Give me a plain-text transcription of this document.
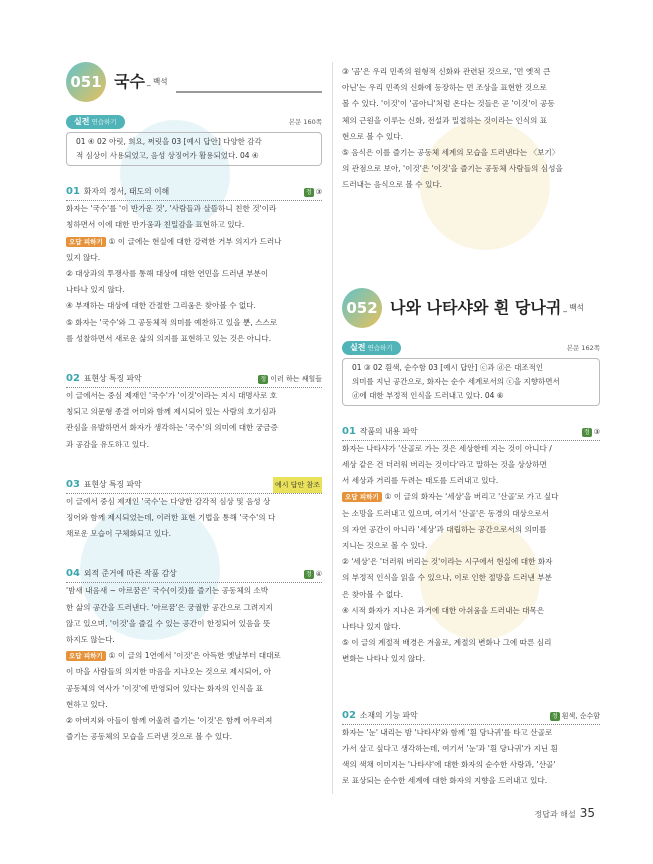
051 국수 _ 백석
실전 연습하기	본문 160쪽
01 ④ 02 아릿, 희요, 쩌릿을 03 [예시 답안] 다양한 감각
적 심상이 사용되었고, 음성 상징어가 활용되었다. 04 ④
01 화자의 정서, 태도의 이해	정 ③

화자는 '국수'를 '이 반가운 것', '사람들과 살뜰하니 친한 것'이라

칭하면서 이에 대한 반가움과 친밀감을 표현하고 있다.

오답 피하기 ① 이 글에는 현실에 대한 강력한 거부 의지가 드러나

있지 않다.

② 대상과의 투쟁사를 통해 대상에 대한 연민을 드러낸 부분이

나타나 있지 않다.

④ 부재하는 대상에 대한 간절한 그리움은 찾아볼 수 없다.

⑤ 화자는 '국수'와 그 공동체적 의미를 예찬하고 있을 뿐, 스스로

를 성찰하면서 새로운 삶의 의지를 표현하고 있는 것은 아니다.

02 표현상 특징 파악	정 이러 하는 쌔힐들

이 글에서는 중심 제재인 '국수'가 '이것'이라는 지시 대명사로 호

칭되고 의문형 종결 어미와 함께 제시되어 있는 사람의 호기심과

관심을 유발하면서 화자가 생각하는 '국수'의 의미에 대한 궁금증

과 공감을 유도하고 있다.

03 표현상 특징 파악	예시 답안 참조

이 글에서 중심 제재인 '국수'는 다양한 감각적 심상 및 음성 상

징어와 함께 제시되었는데, 이러한 표현 기법을 통해 '국수'의 다

채로운 모습이 구체화되고 있다.

04 외적 준거에 따른 작품 감상	정 ④

'밤새 내음새 ~ 아르꿈은' 국수(이것)를 즐기는 공동체의 소박

한 삶의 공간을 드러낸다. '아르꿈'은 궁궐한 공간으로 그려지지

않고 있으며, '이것'을 즐길 수 있는 공간이 한정되어 있음을 뜻

하지도 않는다.

오답 피하기 ① 이 글의 1연에서 '이것'은 아득한 옛날부터 대대로

이 마을 사람들의 의지한 마음을 지나오는 것으로 제시되어, 아

공동체의 역사가 '이것'에 반영되어 있다는 화자의 인식을 표

현하고 있다.

② 아버지와 아들이 함께 어울려 즐기는 '이것'은 함께 어우러져

즐기는 공동체의 모습을 드러낸 것으로 볼 수 있다.

③ '곰'은 우리 민족의 원형적 신화와 관련된 것으로, '먼 옛적 큰

아닌'는 우리 민족의 신화에 등장하는 먼 조상을 표현한 것으로

볼 수 있다. '이것'이 '곰아니'처럼 온다는 것들은 곧 '이것'이 공동

체의 근원을 이루는 신화, 전설과 밀접하는 것이라는 인식의 표

현으로 볼 수 있다.

⑤ 음식은 이를 즐기는 공동체 세계의 모습을 드러낸다는 〈보기〉

의 관점으로 보아, '이것'은 '이것'을 즐기는 공동체 사람들의 심성을

드러내는 음식으로 볼 수 있다.

052 나와 나타샤와 흰 당나귀 _ 백석
실전 연습하기	본문 162쪽
01 ③ 02 흰색, 순수함 03 [예시 답안] ⓒ과 ⓓ은 대조적인
의미를 지닌 공간으로, 화자는 순수 세계로서의 ⓒ을 지향하면서
ⓓ에 대한 부정적 인식을 드러내고 있다. 04 ⑥
01 작품의 내용 파악	정 ③

화자는 나타샤가 '산골로 가는 것은 세상한테 지는 것이 아니다 /

세상 같은 건 더러워 버리는 것이다'라고 말하는 것을 상상하면

서 세상과 거리를 두려는 태도를 드러내고 있다.

오답 피하기 ① 이 글의 화자는 '세상'을 버리고 '산골'로 가고 싶다

는 소망을 드러내고 있으며, 여기서 '산골'은 동경의 대상으로서

의 자연 공간이 아니라 '세상'과 대립하는 공간으로서의 의미를

지니는 것으로 볼 수 있다.

② '세상'은 '더러워 버리는 것'이라는 시구에서 현실에 대한 화자

의 부정적 인식을 읽을 수 있으나, 이로 인한 절망을 드러낸 부분

은 찾아볼 수 없다.

④ 시적 화자가 지나온 과거에 대한 아쉬움을 드러내는 대목은

나타나 있지 않다.

⑤ 이 글의 계절적 배경은 겨울로, 계절의 변화나 그에 따른 심리

변화는 나타나 있지 않다.

02 소재의 기능 파악	정 흰색, 순수함

화자는 '눈' 내리는 밤 '나타샤'와 함께 '흰 당나귀'를 타고 산골로

가서 살고 싶다고 생각하는데, 여기서 '눈'과 '흰 당나귀'가 지닌 흰

색의 색채 이미지는 '나타샤'에 대한 화자의 순수한 사랑과, '산골'

로 표상되는 순수한 세계에 대한 화자의 지향을 드러내고 있다.

정답과 해설 35
